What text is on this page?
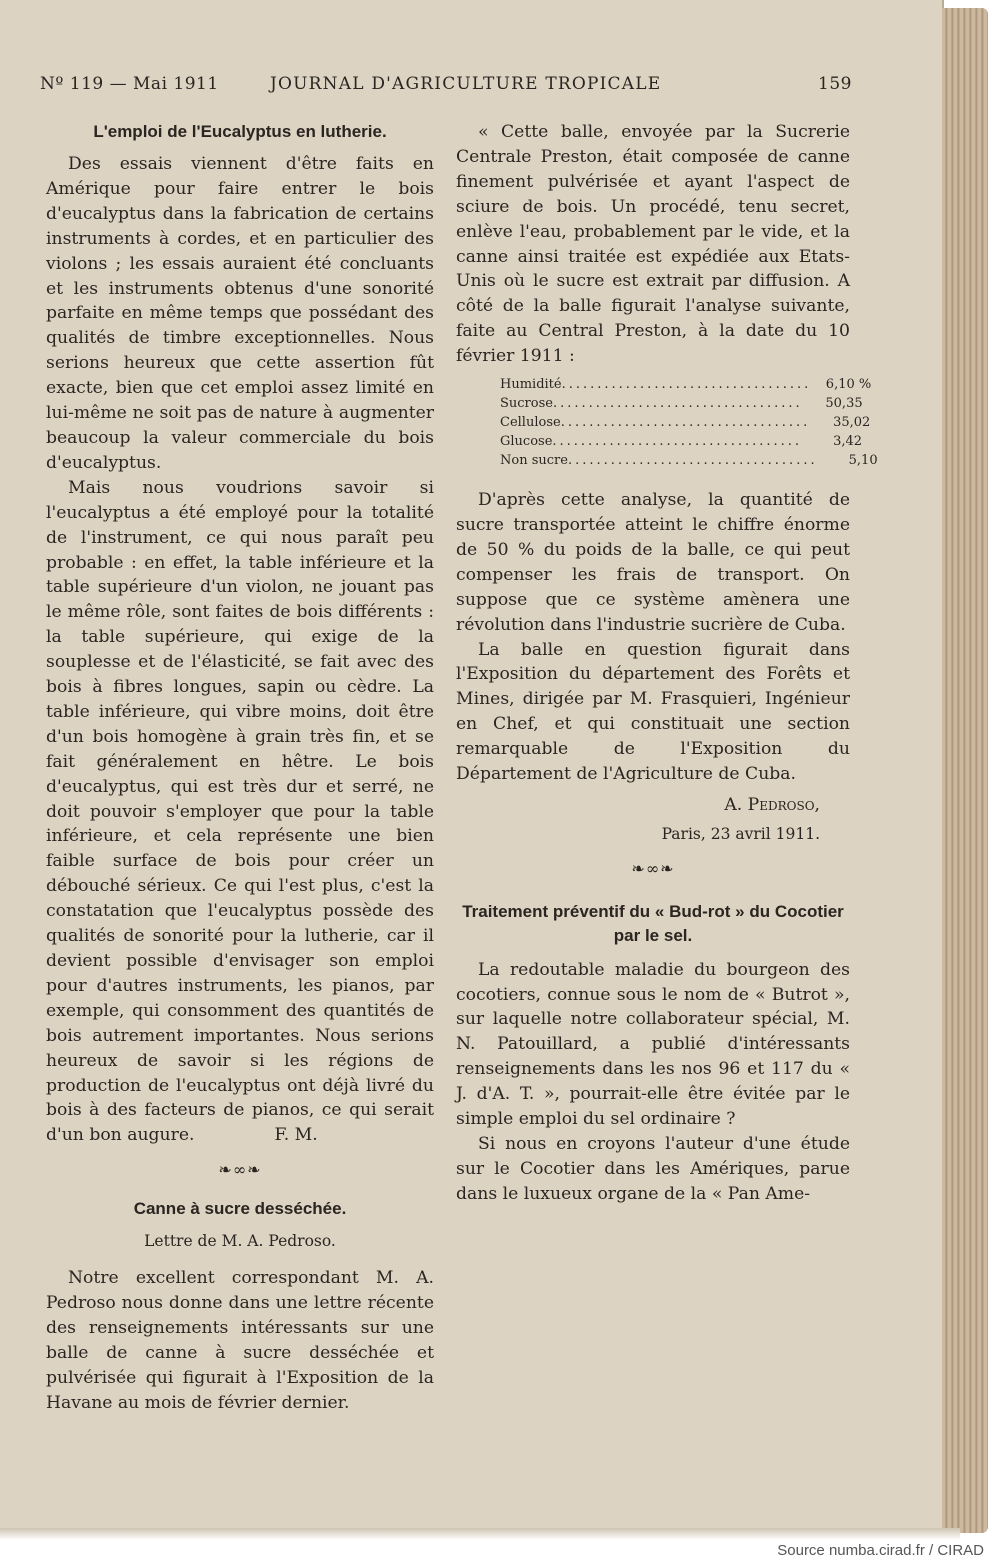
Nº 119 — Mai 1911	JOURNAL D'AGRICULTURE TROPICALE	159
L'emploi de l'Eucalyptus en lutherie.

Des essais viennent d'être faits en Amérique pour faire entrer le bois d'eucalyptus dans la fabrication de certains instruments à cordes, et en particulier des violons ; les essais auraient été concluants et les instruments obtenus d'une sonorité parfaite en même temps que possédant des qualités de timbre exceptionnelles. Nous serions heureux que cette assertion fût exacte, bien que cet emploi assez limité en lui-même ne soit pas de nature à augmenter beaucoup la valeur commerciale du bois d'eucalyptus.

Mais nous voudrions savoir si l'eucalyptus a été employé pour la totalité de l'instrument, ce qui nous paraît peu probable : en effet, la table inférieure et la table supérieure d'un violon, ne jouant pas le même rôle, sont faites de bois différents : la table supérieure, qui exige de la souplesse et de l'élasticité, se fait avec des bois à fibres longues, sapin ou cèdre. La table inférieure, qui vibre moins, doit être d'un bois homogène à grain très fin, et se fait généralement en hêtre. Le bois d'eucalyptus, qui est très dur et serré, ne doit pouvoir s'employer que pour la table inférieure, et cela représente une bien faible surface de bois pour créer un débouché sérieux. Ce qui l'est plus, c'est la constatation que l'eucalyptus possède des qualités de sonorité pour la lutherie, car il devient possible d'envisager son emploi pour d'autres instruments, les pianos, par exemple, qui consomment des quantités de bois autrement importantes. Nous serions heureux de savoir si les régions de production de l'eucalyptus ont déjà livré du bois à des facteurs de pianos, ce qui serait d'un bon augure.	F. M.

❧∞❧
Canne à sucre desséchée.
Lettre de M. A. Pedroso.

Notre excellent correspondant M. A. Pedroso nous donne dans une lettre récente des renseignements intéressants sur une balle de canne à sucre desséchée et pulvérisée qui figurait à l'Exposition de la Havane au mois de février dernier.

« Cette balle, envoyée par la Sucrerie Centrale Preston, était composée de canne finement pulvérisée et ayant l'aspect de sciure de bois. Un procédé, tenu secret, enlève l'eau, probablement par le vide, et la canne ainsi traitée est expédiée aux Etats-Unis où le sucre est extrait par diffusion. A côté de la balle figurait l'analyse suivante, faite au Central Preston, à la date du 10 février 1911 :

Humidité ...................................	6,10 %
Sucrose ...................................	50,35
Cellulose ...................................	35,02
Glucose ...................................	3,42
Non sucre ...................................	5,10

D'après cette analyse, la quantité de sucre transportée atteint le chiffre énorme de 50 % du poids de la balle, ce qui peut compenser les frais de transport. On suppose que ce système amènera une révolution dans l'industrie sucrière de Cuba.

La balle en question figurait dans l'Exposition du département des Forêts et Mines, dirigée par M. Frasquieri, Ingénieur en Chef, et qui constituait une section remarquable de l'Exposition du Département de l'Agriculture de Cuba.

A. Pedroso,
Paris, 23 avril 1911.
❧∞❧
Traitement préventif du « Bud-rot » du Cocotier par le sel.

La redoutable maladie du bourgeon des cocotiers, connue sous le nom de « Butrot », sur laquelle notre collaborateur spécial, M. N. Patouillard, a publié d'intéressants renseignements dans les nos 96 et 117 du « J. d'A. T. », pourrait-elle être évitée par le simple emploi du sel ordinaire ?

Si nous en croyons l'auteur d'une étude sur le Cocotier dans les Amériques, parue dans le luxueux organe de la « Pan Ame-

Source numba.cirad.fr / CIRAD
